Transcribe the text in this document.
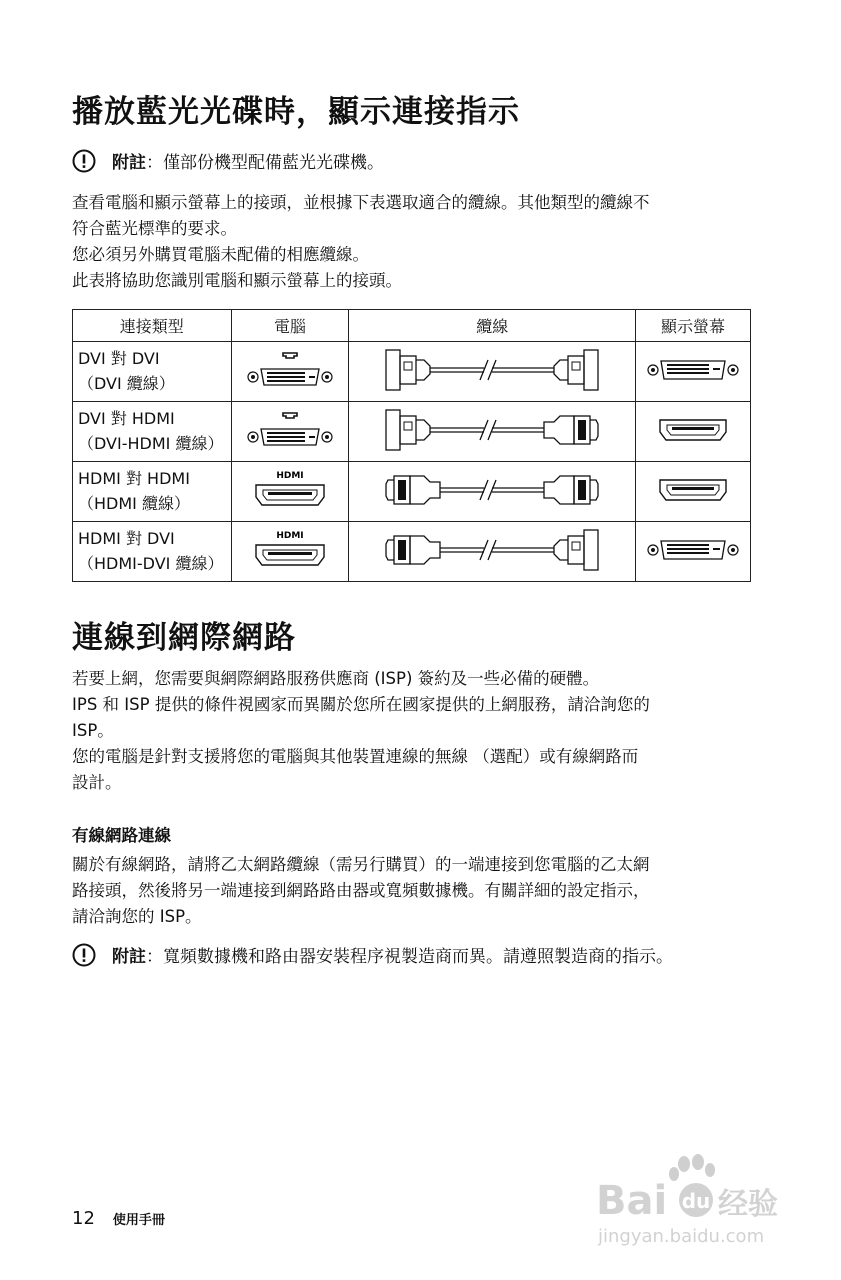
播放藍光光碟時，顯示連接指示
附註 ：僅部份機型配備藍光光碟機。

查看電腦和顯示螢幕上的接頭，並根據下表選取適合的纜線。其他類型的纜線不

符合藍光標準的要求。

您必須另外購買電腦未配備的相應纜線。

此表將協助您識別電腦和顯示螢幕上的接頭。

連接類型	電腦	纜線	顯示螢幕

DVI 對 DVI
（DVI 纜線）

DVI 對 HDMI
（DVI-HDMI 纜線）

HDMI 對 HDMI
（HDMI 纜線）	HDMI

HDMI 對 DVI
（HDMI-DVI 纜線）	HDMI

連線到網際網路

若要上網，您需要與網際網路服務供應商 (ISP) 簽約及一些必備的硬體。

IPS 和 ISP 提供的條件視國家而異關於您所在國家提供的上網服務，請洽詢您的

ISP。

您的電腦是針對支援將您的電腦與其他裝置連線的無線 （選配）或有線網路而

設計。

有線網路連線

關於有線網路，請將乙太網路纜線（需另行購買）的一端連接到您電腦的乙太網

路接頭，然後將另一端連接到網路路由器或寬頻數據機。有關詳細的設定指示，

請洽詢您的 ISP。

附註 ：寬頻數據機和路由器安裝程序視製造商而異。請遵照製造商的指示。
12 使用手冊	Bai du 经验
jingyan.baidu.com
